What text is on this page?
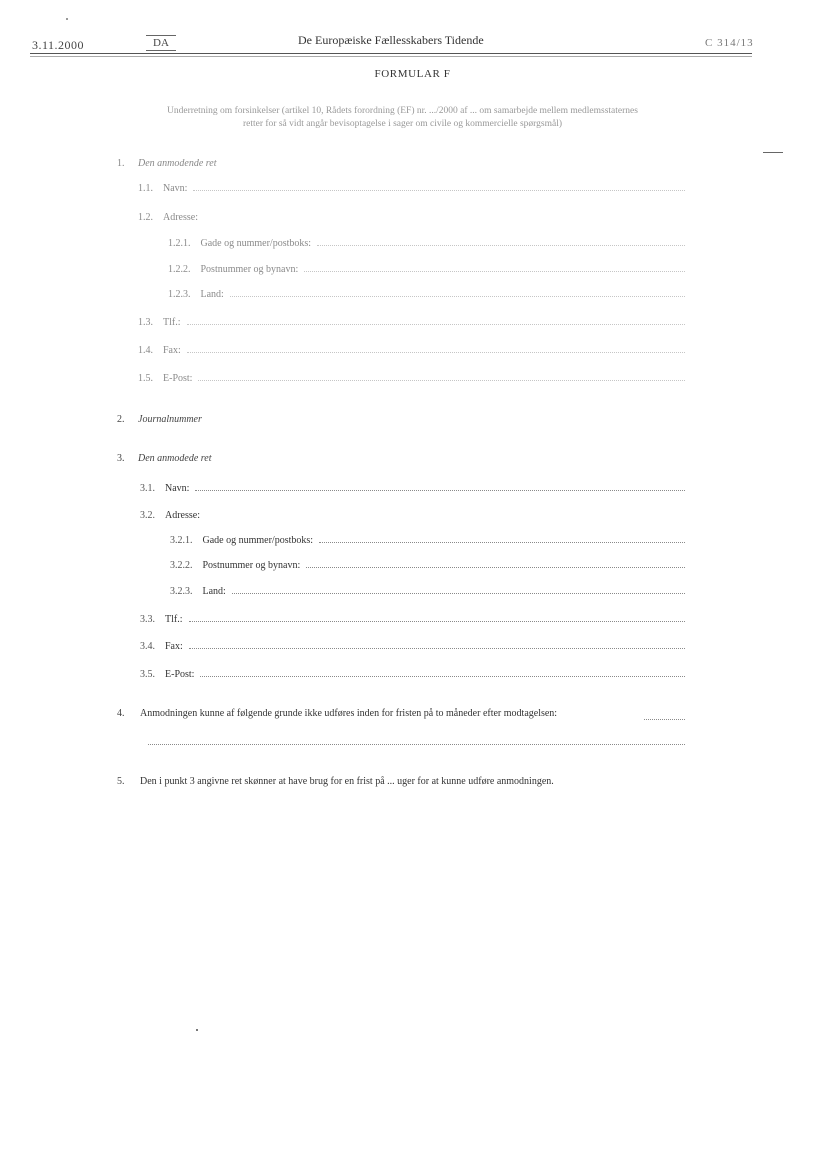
3.11.2000	DA	De Europæiske Fællesskabers Tidende	C 314/13
FORMULAR F
Underretning om forsinkelser (artikel 10, Rådets forordning (EF) nr. .../2000 af ... om samarbejde mellem medlemsstaternes
retter for så vidt angår bevisoptagelse i sager om civile og kommercielle spørgsmål)
1. Den anmodende ret
1.1. Navn:
1.2. Adresse:
1.2.1. Gade og nummer/postboks:
1.2.2. Postnummer og bynavn:
1.2.3. Land:
1.3. Tlf.:
1.4. Fax:
1.5. E-Post:
2. Journalnummer
3. Den anmodede ret
3.1. Navn:
3.2. Adresse:
3.2.1. Gade og nummer/postboks:
3.2.2. Postnummer og bynavn:
3.2.3. Land:
3.3. Tlf.:
3.4. Fax:
3.5. E-Post:
4. Anmodningen kunne af følgende grunde ikke udføres inden for fristen på to måneder efter modtagelsen:
5. Den i punkt 3 angivne ret skønner at have brug for en frist på ... uger for at kunne udføre anmodningen.
